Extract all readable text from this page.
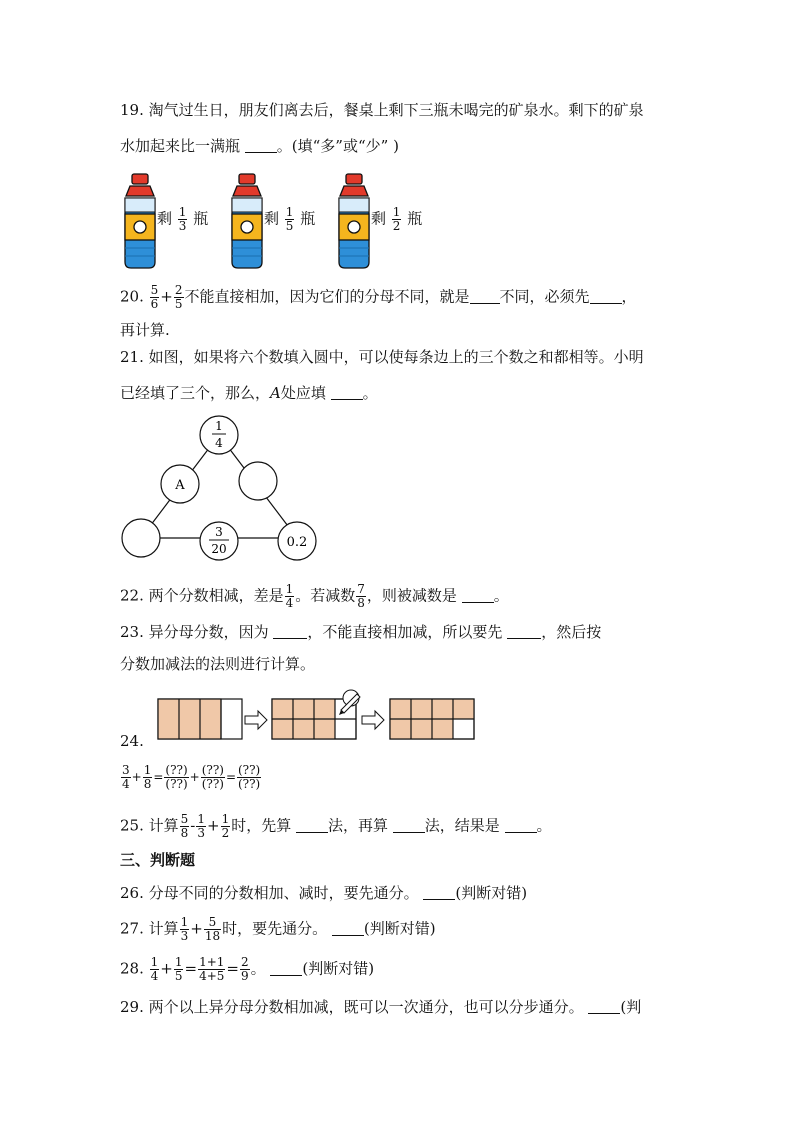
19. 淘气过生日，朋友们离去后，餐桌上剩下三瓶未喝完的矿泉水。剩下的矿泉
水加起来比一满瓶 。(填“多”或“少” )
剩 $\frac{1}{3}$ 瓶	剩 $\frac{1}{5}$ 瓶	剩 $\frac{1}{2}$ 瓶
20. $\frac{5}{6} + \frac{2}{5}$ 不能直接相加，因为它们的分母不同，就是 不同，必须先 ，
再计算.
21. 如图，如果将六个数填入圆中，可以使每条边上的三个数之和都相等。小明
已经填了三个，那么，A处应填 。
1
4
A
3
20	0.2
22. 两个分数相减，差是 $\frac{1}{4}$ 。若减数 $\frac{7}{8}$ ，则被减数是 。
23. 异分母分数，因为 ，不能直接相加减，所以要先 ，然后按
分数加减法的法则进行计算。
24.
$\frac{3}{4} + \frac{1}{8}$ = (??)
(??) + (??)
(??) = (??)
(??)
25. 计算 $\frac{5}{8} - \frac{1}{3} + \frac{1}{2}$ 时，先算 法，再算 法，结果是 。
三、判断题
26. 分母不同的分数相加、减时，要先通分。 (判断对错)
27. 计算 $\frac{1}{3} + \frac{5}{18}$ 时，要先通分。 (判断对错)
28. $\frac{1}{4} + \frac{1}{5} = \frac{1+1}{4+5} = \frac{2}{9}$ 。 (判断对错)
29. 两个以上异分母分数相加减，既可以一次通分，也可以分步通分。 (判
